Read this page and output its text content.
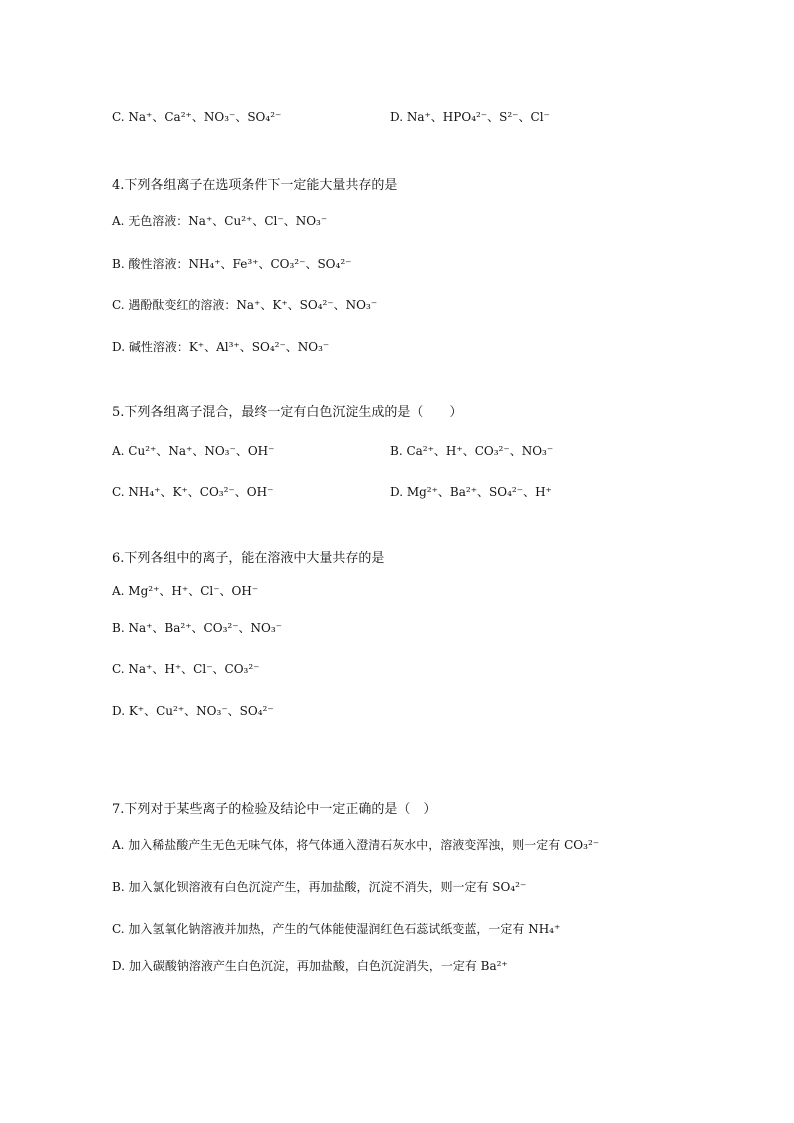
C. Na⁺、Ca²⁺、NO₃⁻、SO₄²⁻	D. Na⁺、HPO₄²⁻、S²⁻、Cl⁻
4.下列各组离子在选项条件下一定能大量共存的是
A. 无色溶液：Na⁺、Cu²⁺、Cl⁻、NO₃⁻
B. 酸性溶液：NH₄⁺、Fe³⁺、CO₃²⁻、SO₄²⁻
C. 遇酚酞变红的溶液：Na⁺、K⁺、SO₄²⁻、NO₃⁻
D. 碱性溶液：K⁺、Al³⁺、SO₄²⁻、NO₃⁻
5.下列各组离子混合，最终一定有白色沉淀生成的是（　　）
A. Cu²⁺、Na⁺、NO₃⁻、OH⁻	B. Ca²⁺、H⁺、CO₃²⁻、NO₃⁻
C. NH₄⁺、K⁺、CO₃²⁻、OH⁻	D. Mg²⁺、Ba²⁺、SO₄²⁻、H⁺
6.下列各组中的离子，能在溶液中大量共存的是
A. Mg²⁺、H⁺、Cl⁻、OH⁻
B. Na⁺、Ba²⁺、CO₃²⁻、NO₃⁻
C. Na⁺、H⁺、Cl⁻、CO₃²⁻
D. K⁺、Cu²⁺、NO₃⁻、SO₄²⁻
7.下列对于某些离子的检验及结论中一定正确的是（　）
A. 加入稀盐酸产生无色无味气体，将气体通入澄清石灰水中，溶液变浑浊，则一定有 CO₃²⁻
B. 加入氯化钡溶液有白色沉淀产生，再加盐酸，沉淀不消失，则一定有 SO₄²⁻
C. 加入氢氧化钠溶液并加热，产生的气体能使湿润红色石蕊试纸变蓝，一定有 NH₄⁺
D. 加入碳酸钠溶液产生白色沉淀，再加盐酸，白色沉淀消失，一定有 Ba²⁺
